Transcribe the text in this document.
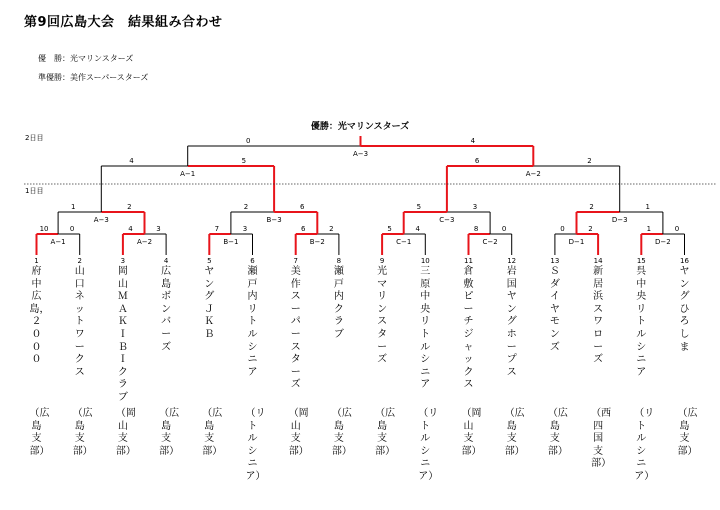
第9回広島大会　結果組み合わせ
優　勝：光マリンスターズ
準優勝：美作スーパースターズ
優勝：光マリンスターズ
2日目
1日目
A−1
10	0
A−2
4	3
B−1
7	3
B−2
6	2
C−1
5	4
C−2
8	0
D−1
0	2
D−2
1	0
A−3
1	2
B−3
2	6
C−3
5	3
D−3
2	1
A−1
4	5
A−2
6	2
A−3
0	4
1
府中広島，２０００
（広島支部）
2
山口ネットワークス
（広島支部）
3
岡山ＭＡＫＩＢＩクラブ
（岡山支部）
4
広島ボンバーズ
（広島支部）
5
ヤングＪＫＢ
（広島支部）
6
瀬戸内リトルシニア
（リトルシニア）
7
美作スーパースターズ
（岡山支部）
8
瀬戸内クラブ
（広島支部）
9
光マリンスターズ
（広島支部）
10
三原中央リトルシニア
（リトルシニア）
11
倉敷ピーチジャックス
（岡山支部）
12
岩国ヤングホープス
（広島支部）
13
Ｓダイヤモンズ
（広島支部）
14
新居浜スワローズ
（西四国支部）
15
呉中央リトルシニア
（リトルシニア）
16
ヤングひろしま
（広島支部）
